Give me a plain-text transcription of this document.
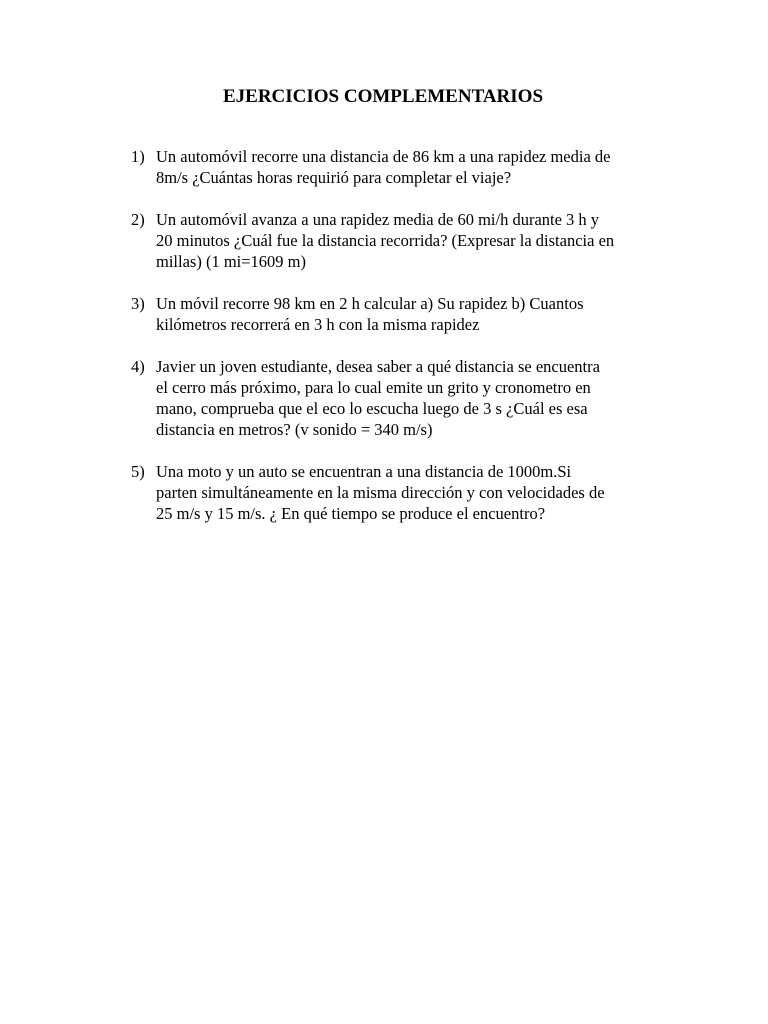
EJERCICIOS COMPLEMENTARIOS
1) Un automóvil recorre una distancia de 86 km a una rapidez media de
8m/s ¿Cuántas horas requirió para completar el viaje?
2) Un automóvil avanza a una rapidez media de 60 mi/h durante 3 h y
20 minutos ¿Cuál fue la distancia recorrida? (Expresar la distancia en
millas) (1 mi=1609 m)
3) Un móvil recorre 98 km en 2 h calcular a) Su rapidez b) Cuantos
kilómetros recorrerá en 3 h con la misma rapidez
4) Javier un joven estudiante, desea saber a qué distancia se encuentra
el cerro más próximo, para lo cual emite un grito y cronometro en
mano, comprueba que el eco lo escucha luego de 3 s ¿Cuál es esa
distancia en metros? (v sonido = 340 m/s)
5) Una moto y un auto se encuentran a una distancia de 1000m.Si
parten simultáneamente en la misma dirección y con velocidades de
25 m/s y 15 m/s. ¿ En qué tiempo se produce el encuentro?
